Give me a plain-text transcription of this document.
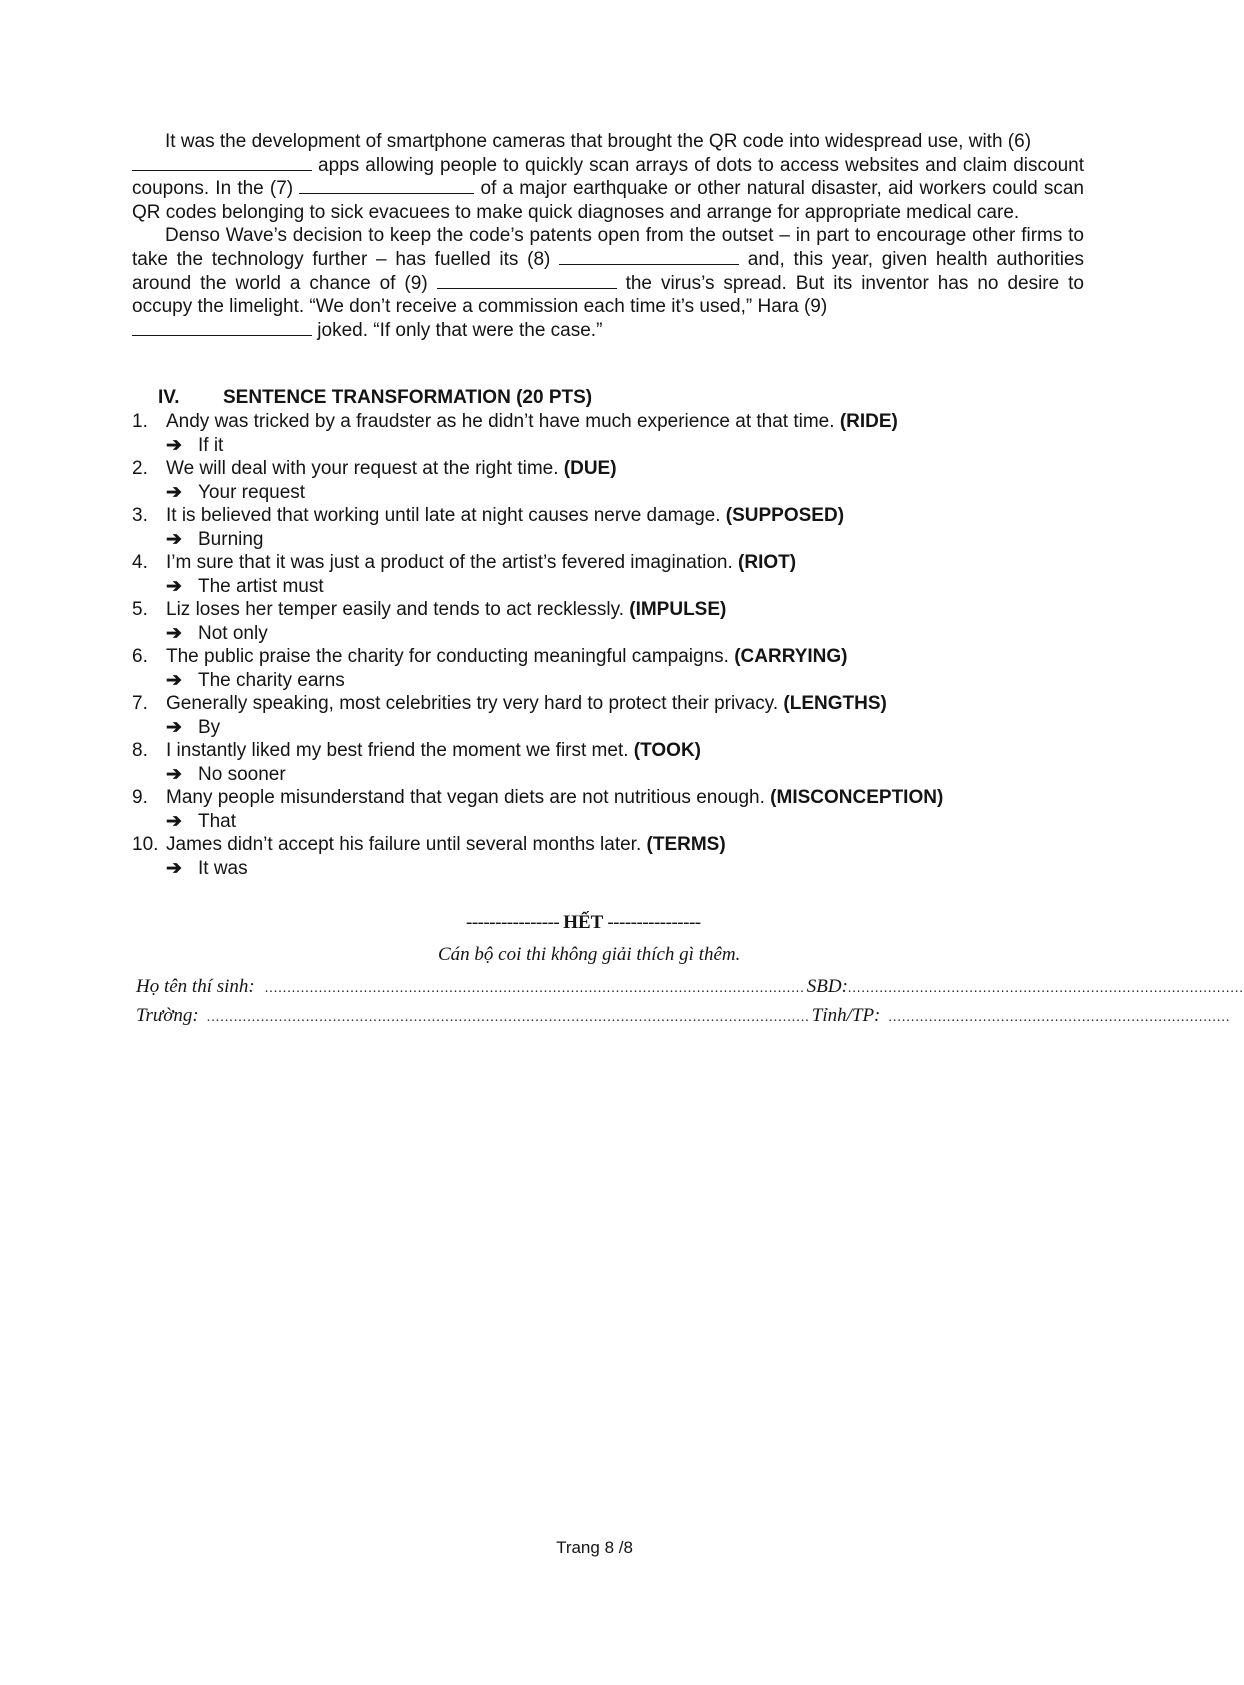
It was the development of smartphone cameras that brought the QR code into widespread use, with (6)
apps allowing people to quickly scan arrays of dots to access websites and claim discount coupons. In the (7)	of a major earthquake or other natural disaster, aid workers could scan QR codes belonging to sick evacuees to make quick diagnoses and arrange for appropriate medical care.

Denso Wave’s decision to keep the code’s patents open from the outset – in part to encourage other firms to take the technology further – has fuelled its (8)	and, this year, given health authorities around the world a chance of (9)	the virus’s spread. But its inventor has no desire to occupy the limelight. “We don’t receive a commission each time it’s used,” Hara (9)
joked. “If only that were the case.”

IV. SENTENCE TRANSFORMATION (20 PTS)
1. Andy was tricked by a fraudster as he didn’t have much experience at that time. (RIDE)
➔ If it
2. We will deal with your request at the right time. (DUE)
➔ Your request
3. It is believed that working until late at night causes nerve damage. (SUPPOSED)
➔ Burning
4. I’m sure that it was just a product of the artist’s fevered imagination. (RIOT)
➔ The artist must
5. Liz loses her temper easily and tends to act recklessly. (IMPULSE)
➔ Not only
6. The public praise the charity for conducting meaningful campaigns. (CARRYING)
➔ The charity earns
7. Generally speaking, most celebrities try very hard to protect their privacy. (LENGTHS)
➔ By
8. I instantly liked my best friend the moment we first met. (TOOK)
➔ No sooner
9. Many people misunderstand that vegan diets are not nutritious enough. (MISCONCEPTION)
➔ That
10. James didn’t accept his failure until several months later. (TERMS)
➔ It was
---------------- HẾT ----------------
Cán bộ coi thi không giải thích gì thêm.
Họ tên thí sinh: ........................................................................................................................ SBD: ........................................................................................
Trường: ...................................................................................................................................... Tỉnh/TP: ............................................................................
Trang 8 /8
